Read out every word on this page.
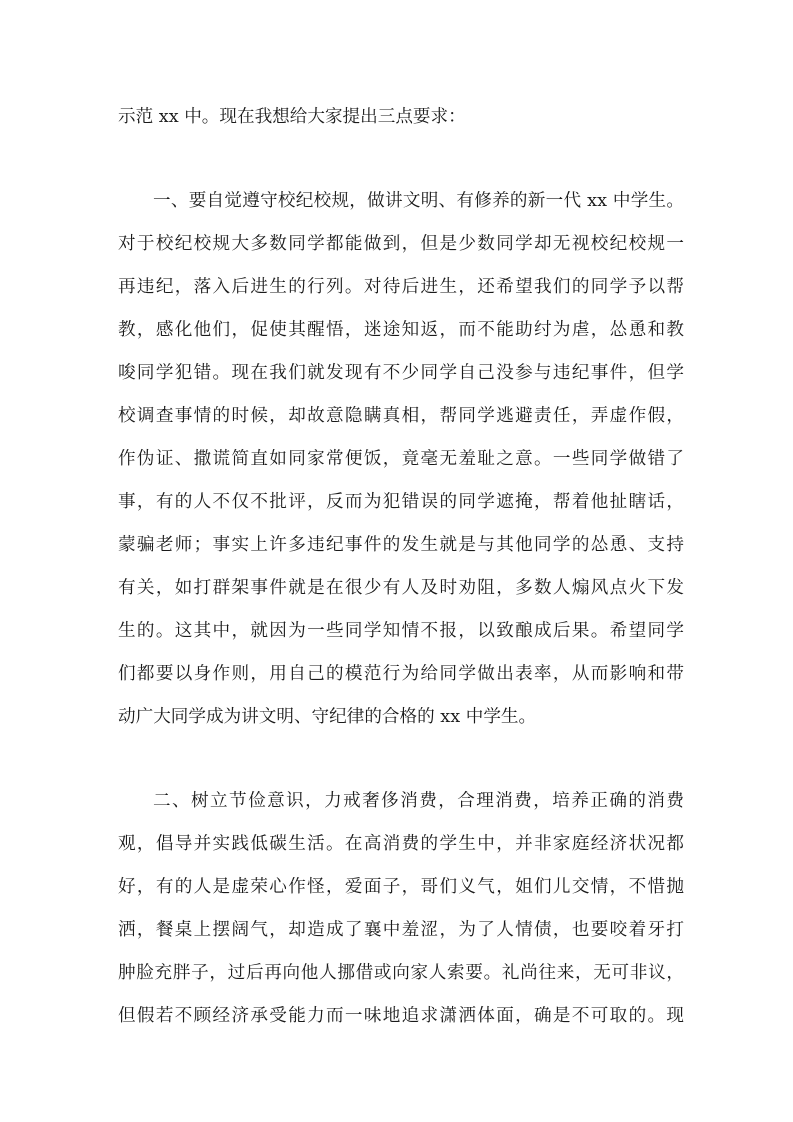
示范 xx 中。现在我想给大家提出三点要求：
一、要自觉遵守校纪校规，做讲文明、有修养的新一代 xx 中学生。
对于校纪校规大多数同学都能做到，但是少数同学却无视校纪校规一
再违纪，落入后进生的行列。对待后进生，还希望我们的同学予以帮
教，感化他们，促使其醒悟，迷途知返，而不能助纣为虐，怂恿和教
唆同学犯错。现在我们就发现有不少同学自己没参与违纪事件，但学
校调查事情的时候，却故意隐瞒真相，帮同学逃避责任，弄虚作假，
作伪证、撒谎简直如同家常便饭，竟毫无羞耻之意。一些同学做错了
事，有的人不仅不批评，反而为犯错误的同学遮掩，帮着他扯瞎话，
蒙骗老师；事实上许多违纪事件的发生就是与其他同学的怂恿、支持
有关，如打群架事件就是在很少有人及时劝阻，多数人煽风点火下发
生的。这其中，就因为一些同学知情不报，以致酿成后果。希望同学
们都要以身作则，用自己的模范行为给同学做出表率，从而影响和带
动广大同学成为讲文明、守纪律的合格的 xx 中学生。
二、树立节俭意识，力戒奢侈消费，合理消费，培养正确的消费
观，倡导并实践低碳生活。在高消费的学生中，并非家庭经济状况都
好，有的人是虚荣心作怪，爱面子，哥们义气，姐们儿交情，不惜抛
洒，餐桌上摆阔气，却造成了襄中羞涩，为了人情债，也要咬着牙打
肿脸充胖子，过后再向他人挪借或向家人索要。礼尚往来，无可非议，
但假若不顾经济承受能力而一味地追求潇洒体面，确是不可取的。现
